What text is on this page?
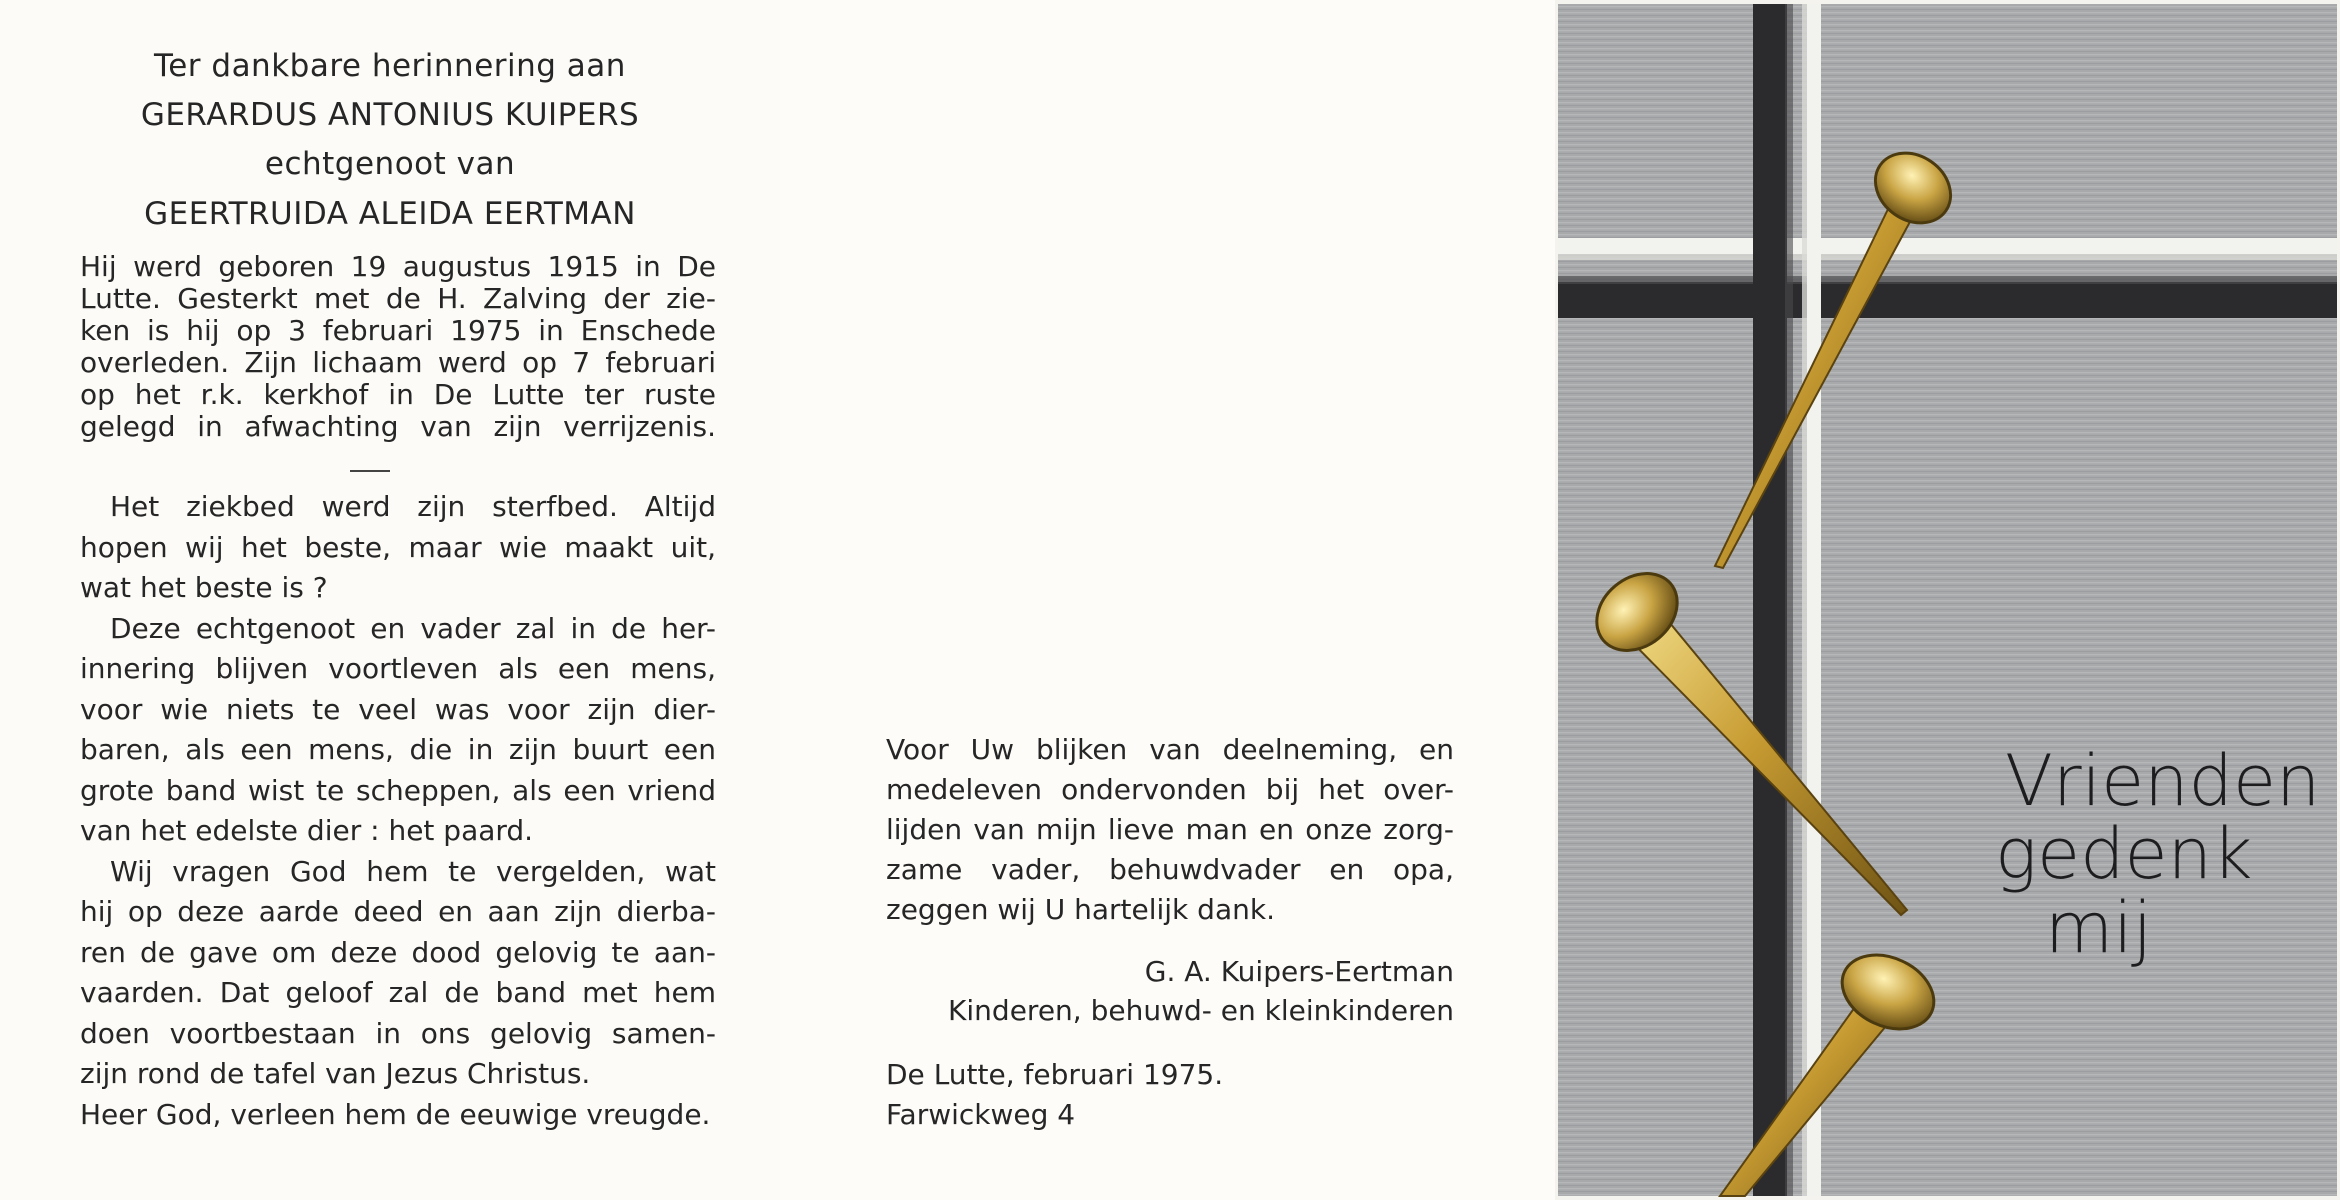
Ter dankbare herinnering aan
GERARDUS ANTONIUS KUIPERS
echtgenoot van
GEERTRUIDA ALEIDA EERTMAN
Hij werd geboren 19 augustus 1915 in De
Lutte. Gesterkt met de H. Zalving der zie-
ken is hij op 3 februari 1975 in Enschede
overleden. Zijn lichaam werd op 7 februari
op het r.k. kerkhof in De Lutte ter ruste
gelegd in afwachting van zijn verrijzenis.
Het ziekbed werd zijn sterfbed. Altijd
hopen wij het beste, maar wie maakt uit,
wat het beste is ?
Deze echtgenoot en vader zal in de her-
innering blijven voortleven als een mens,
voor wie niets te veel was voor zijn dier-
baren, als een mens, die in zijn buurt een
grote band wist te scheppen, als een vriend
van het edelste dier : het paard.
Wij vragen God hem te vergelden, wat
hij op deze aarde deed en aan zijn dierba-
ren de gave om deze dood gelovig te aan-
vaarden. Dat geloof zal de band met hem
doen voortbestaan in ons gelovig samen-
zijn rond de tafel van Jezus Christus.
Heer God, verleen hem de eeuwige vreugde.
Voor Uw blijken van deelneming, en
medeleven ondervonden bij het over-
lijden van mijn lieve man en onze zorg-
zame vader, behuwdvader en opa,
zeggen wij U hartelijk dank.
G. A. Kuipers-Eertman
Kinderen, behuwd- en kleinkinderen
De Lutte, februari 1975.
Farwickweg 4
Vrienden
gedenk
mij
